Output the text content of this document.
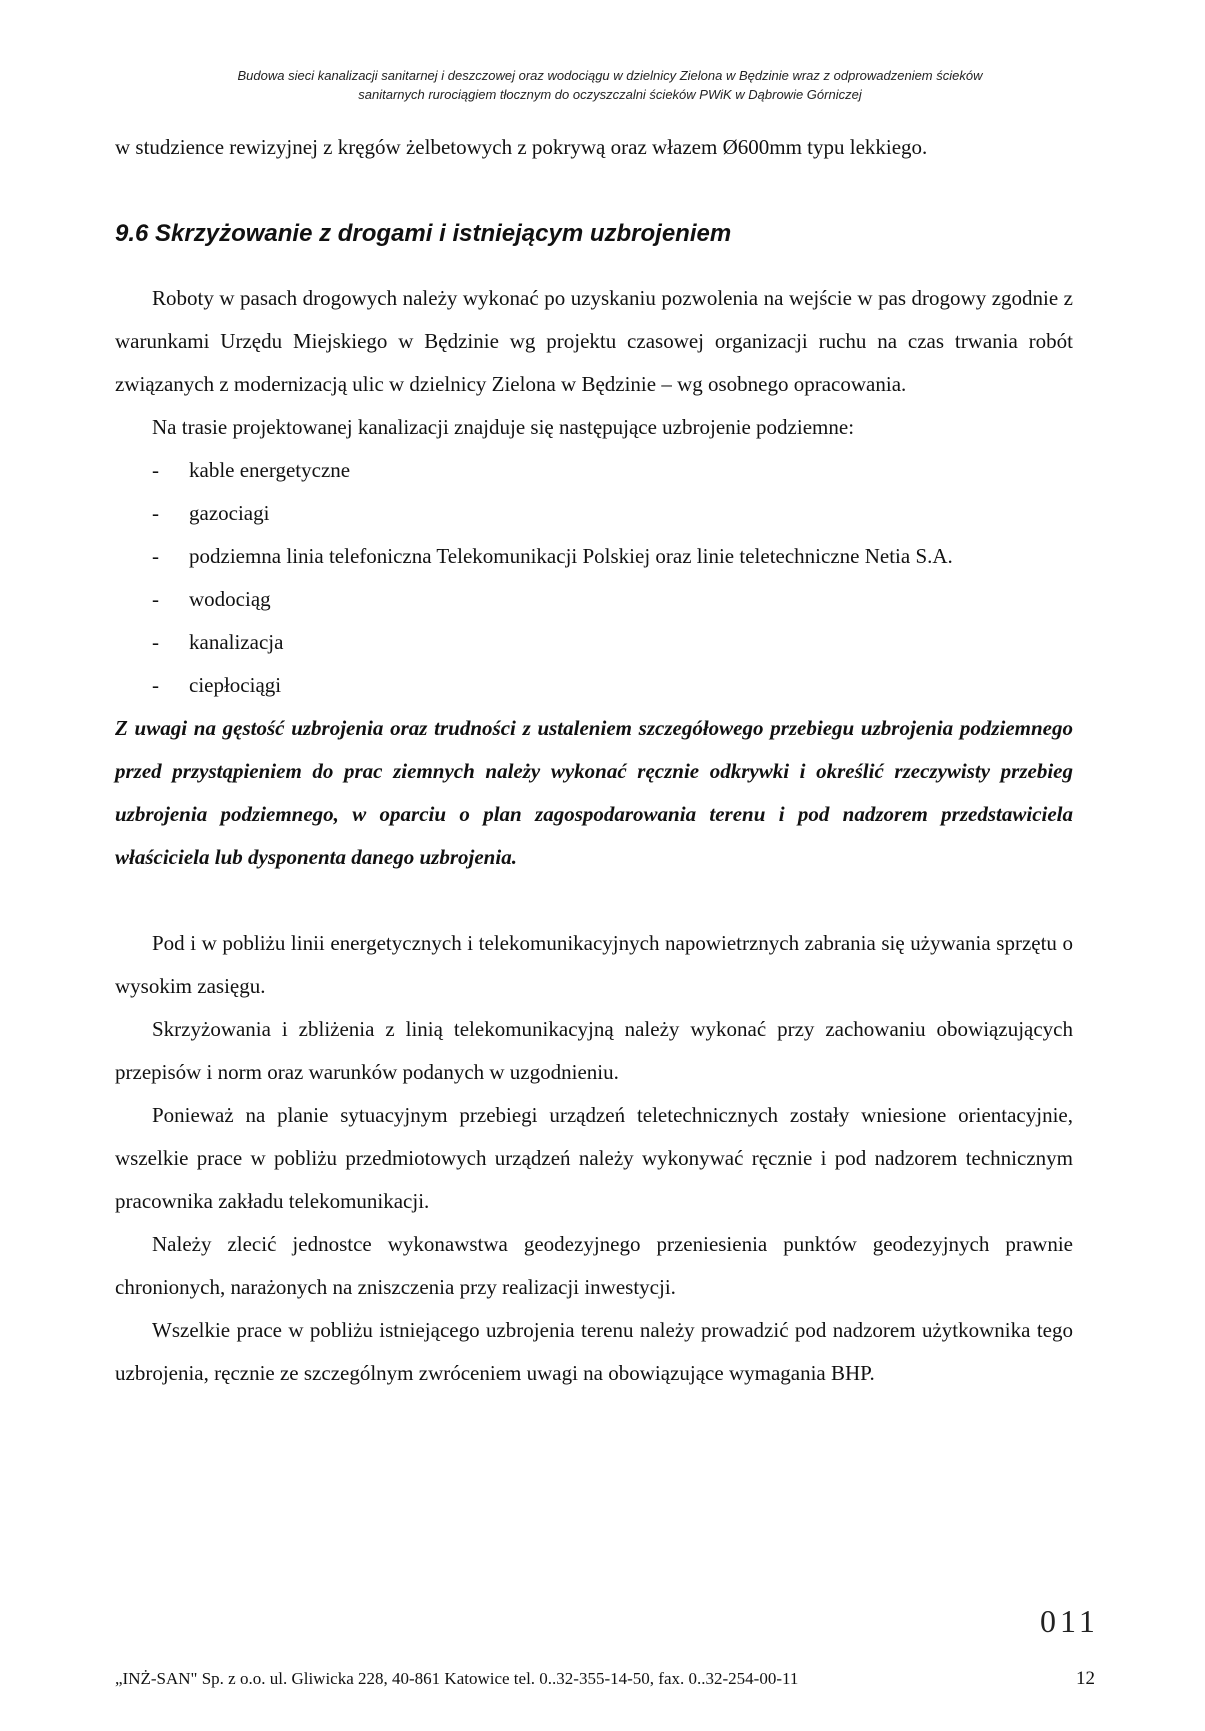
Budowa sieci kanalizacji sanitarnej i deszczowej oraz wodociągu w dzielnicy Zielona w Będzinie wraz z odprowadzeniem ścieków
sanitarnych rurociągiem tłocznym do oczyszczalni ścieków PWiK w Dąbrowie Górniczej

w studzience rewizyjnej z kręgów żelbetowych z pokrywą oraz włazem Ø600mm typu lekkiego.

9.6 Skrzyżowanie z drogami i istniejącym uzbrojeniem

Roboty w pasach drogowych należy wykonać po uzyskaniu pozwolenia na wejście w pas drogowy zgodnie z warunkami Urzędu Miejskiego w Będzinie wg projektu czasowej organizacji ruchu na czas trwania robót związanych z modernizacją ulic w dzielnicy Zielona w Będzinie – wg osobnego opracowania.

Na trasie projektowanej kanalizacji znajduje się następujące uzbrojenie podziemne:

- kable energetyczne
- gazociagi
- podziemna linia telefoniczna Telekomunikacji Polskiej oraz linie teletechniczne Netia S.A.
- wodociąg
- kanalizacja
- ciepłociągi

Z uwagi na gęstość uzbrojenia oraz trudności z ustaleniem szczegółowego przebiegu uzbrojenia podziemnego przed przystąpieniem do prac ziemnych należy wykonać ręcznie odkrywki i określić rzeczywisty przebieg uzbrojenia podziemnego, w oparciu o plan zagospodarowania terenu i pod nadzorem przedstawiciela właściciela lub dysponenta danego uzbrojenia.

Pod i w pobliżu linii energetycznych i telekomunikacyjnych napowietrznych zabrania się używania sprzętu o wysokim zasięgu.

Skrzyżowania i zbliżenia z linią telekomunikacyjną należy wykonać przy zachowaniu obowiązujących przepisów i norm oraz warunków podanych w uzgodnieniu.

Ponieważ na planie sytuacyjnym przebiegi urządzeń teletechnicznych zostały wniesione orientacyjnie, wszelkie prace w pobliżu przedmiotowych urządzeń należy wykonywać ręcznie i pod nadzorem technicznym pracownika zakładu telekomunikacji.

Należy zlecić jednostce wykonawstwa geodezyjnego przeniesienia punktów geodezyjnych prawnie chronionych, narażonych na zniszczenia przy realizacji inwestycji.

Wszelkie prace w pobliżu istniejącego uzbrojenia terenu należy prowadzić pod nadzorem użytkownika tego uzbrojenia, ręcznie ze szczególnym zwróceniem uwagi na obowiązujące wymagania BHP.

011
„INŻ-SAN" Sp. z o.o. ul. Gliwicka 228, 40-861 Katowice tel. 0..32-355-14-50, fax. 0..32-254-00-11	12
